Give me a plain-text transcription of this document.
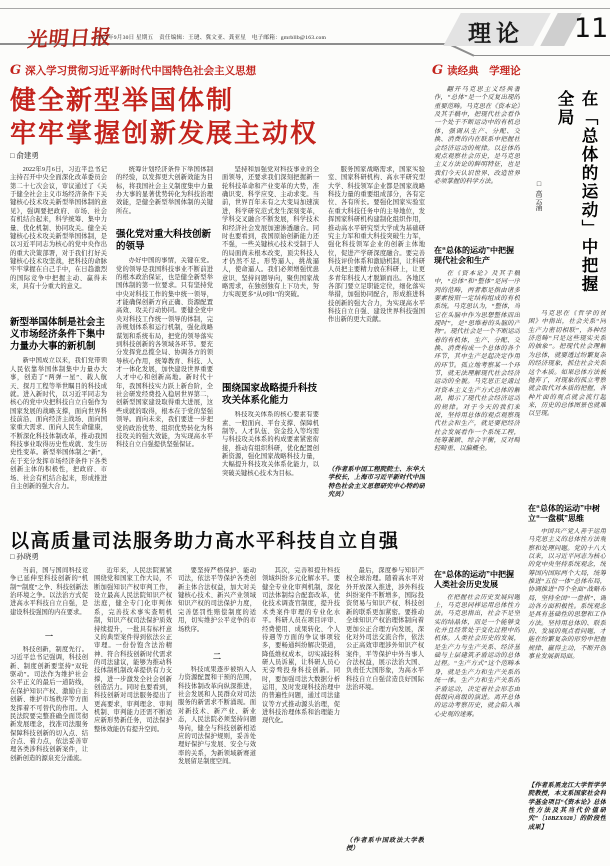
光明日报
2022年9月30日 星期五　责任编辑：王琎、冀文亚、龚亚星　电子邮箱：gmrbllb@163.com	理论 11
G 深入学习贯彻习近平新时代中国特色社会主义思想	G 读经典　学理论
健全新型举国体制
牢牢掌握创新发展主动权
□ 俞建勇

2022年9月6日，习近平总书记主持召开中央全面深化改革委员会第二十七次会议，审议通过了《关于健全社会主义市场经济条件下关键核心技术攻关新型举国体制的意见》，强调要把政府、市场、社会有机结合起来，科学统筹、集中力量、优化机制、协同攻关。健全关键核心技术攻关新型举国体制，是以习近平同志为核心的党中央作出的重大决策部署，对于我们打好关键核心技术攻坚战，把科技的命脉牢牢掌握在自己手中，在日趋激烈的国际竞争中把握主动、赢得未来，具有十分重大的意义。

新型举国体制是社会主义市场经济条件下集中力量办大事的新机制

新中国成立以来，我们党带领人民依靠举国体制集中力量办大事，创造了“两弹一星”、载人航天、探月工程等举世瞩目的科技成就。进入新时代，以习近平同志为核心的党中央把科技自立自强作为国家发展的战略支撑，面向世界科技前沿、面向经济主战场、面向国家重大需求、面向人民生命健康，不断深化科技体制改革，推动我国科技事业取得历史性成就、发生历史性变革。新型举国体制之“新”，在于充分发挥市场经济条件下各类创新主体的积极性，把政府、市场、社会有机结合起来，形成推进自主创新的强大合力。

统筹计划经济条件下举国体制的经验，以发挥更大创新效能为目标，将我国社会主义制度集中力量办大事的显著优势转化为科技治理效能，是健全新型举国体制的关键所在。

强化党对重大科技创新的领导

办好中国的事情，关键在党。党的领导是我国科技事业不断前进的根本政治保证，也是健全新型举国体制的第一位要求。只有坚持党中央对科技工作的集中统一领导，才能确保创新方向正确、资源配置高效、攻关行动协同。要健全党中央对科技工作统一领导的体制，完善规划体系和运行机制，强化战略谋划和系统布局，把党的领导落实到科技创新的各领域各环节。要充分发挥党总揽全局、协调各方的领导核心作用，统筹教育、科技、人才一体化发展，加快建设世界重要人才中心和创新高地。新时代十年，我国科技实力跃上新台阶，全社会研发经费投入稳居世界第二，创新型国家建设取得重大进展，这些成就的取得，根本在于党的坚强领导。面向未来，我们要进一步把党的政治优势、组织优势转化为科技攻关的强大效能，为实现高水平科技自立自强提供坚强保证。

坚持和加强党对科技事业的全面领导，还要求我们深刻把握新一轮科技革命和产业变革的大势，准确识变、科学应变、主动求变。当前，世界百年未有之大变局加速演进，科学研究范式发生深刻变革，学科交叉融合不断发展，科学技术和经济社会发展加速渗透融合。同时也要看到，我国原始创新能力还不强，一些关键核心技术受制于人的局面尚未根本改变，顶尖科技人才仍然不足。形势逼人，挑战逼人，使命逼人。我们必须增强忧患意识，坚持问题导向，聚焦国家战略需求，在独创独有上下功夫，努力实现更多“从0到1”的突破。

围绕国家战略提升科技攻关体系化能力

科技攻关体系的核心要素有要素、一般面向、平台支撑、保障机制等。人才队伍、资金投入等均需与科技攻关体系的构成要素紧密衔接，推动有组织科研，优化配置创新资源，强化国家战略科技力量，大幅提升科技攻关体系化能力，以突破关键核心技术为目标。

服务国家战略需求，国家实验室、国家科研机构、高水平研究型大学、科技领军企业都是国家战略科技力量的重要组成部分，各有定位、各有所长。要强化国家实验室在重大科技任务中的主导地位，发挥国家科研机构建制化组织作用，推动高水平研究型大学成为基础研究主力军和重大科技突破生力军，强化科技领军企业的创新主体地位，促进产学研深度融合。要完善科技评价体系和激励机制，让科研人员把主要精力放在科研上，让更多青年科技人才脱颖而出。各地区各部门要立足职能定位，细化落实举措，加强协同配合，形成推进科技创新的强大合力，为实现高水平科技自立自强、建设世界科技强国作出新的更大贡献。

（作者系中国工程院院士、东华大学校长，上海市习近平新时代中国特色社会主义思想研究中心特约研究员）
以高质量司法服务助力高水平科技自立自强
□ 孙晓勇

当前，国与国间科技竞争已延伸至科技创新的“机制”“制度”之争、科技创新法治环境之争。以法治方式促进高水平科技自立自强，是建设科技强国的内在要求。

一

科技创新，制度先行。习近平总书记强调，科技创新、制度创新要坚持“双轮驱动”。司法作为维护社会公平正义的最后一道防线，在保护知识产权、激励自主创新、维护市场秩序等方面发挥着不可替代的作用。人民法院要完整准确全面贯彻新发展理念，找准司法服务保障科技创新的切入点、结合点、着力点，依法妥善审理各类涉科技创新案件，让创新创造的源泉充分涌流。

近年来，人民法院紧紧围绕党和国家工作大局，不断加强知识产权审判工作，设立最高人民法院知识产权法庭，健全专门化审判体系，完善技术事实查明机制，知识产权司法保护质效持续提升，一批具有标杆意义的典型案件得到依法公正审理。一份份饱含法治精神、符合科技创新时代需求的司法建议，能够为推动科技体制机制改革提供有力支撑，进一步激发全社会创新创造活力。同时也要看到，科技创新对司法服务提出了更高要求，审判理念、审判机制、审判能力还需不断适应新形势新任务，司法保护整体效能仍有提升空间。

要坚持严格保护、能动司法，依法平等保护各类创新主体合法权益，加大对关键核心技术、新兴产业领域知识产权的司法保护力度，完善惩罚性赔偿制度的适用，切实维护公平竞争的市场秩序。

二

科技成果逐步被纳入人力资源配置和干预的范围，科技体制改革向纵深推进，社会发展和人民群众对司法服务的新需求不断涌现。面对新技术、新产业、新业态，人民法院必须坚持问题导向，健全与科技创新相适应的司法保护规则，妥善处理好保护与发展、安全与效率的关系，为新领域新赛道发展留足制度空间。

其次，完善和提升科技领域纠纷多元化解水平。要健全专业化审判机制，深化司法体制综合配套改革，优化技术调查官制度，提升技术类案件审理的专业化水平。科研人员在项目评审、经费使用、成果转化、个人待遇等方面的争议事项较多，要畅通纠纷解决渠道，降低维权成本，切实减轻科研人员诉累，让科研人员心无旁骛投身科技创新。同时，要加强司法大数据分析运用，及时发现科技治理中的普遍性问题，通过司法建议等方式推动源头治理，促进科技治理体系和治理能力现代化。

最后，深度参与知识产权全球治理。随着高水平对外开放深入推进，涉外科技纠纷案件不断增多，国际投资贸易与知识产权、科技创新的联系更加紧密。要推动全球知识产权治理体制向着更加公正合理方向发展，深化对外司法交流合作，依法公正高效审理涉外知识产权案件，平等保护中外当事人合法权益，展示法治大国、负责任大国形象，为高水平科技自立自强营造良好国际法治环境。

（作者系中国政法大学教授）
在「总体的运动」中把握全局
□ 高云涌

翻开马克思主义经典著作，“总体”是一个反复出现的重要范畴。马克思在《资本论》及其手稿中，把现代社会看作一个处于不断运动中的有机总体，强调从生产、分配、交换、消费的内在联系中把握社会经济运动的规律。以总体的观点观察社会历史，是马克思主义方法论的鲜明特征，也是我们今天认识世界、改造世界必须掌握的科学方法。

在“总体的运动”中把握现代社会和生产

在《资本论》及其手稿中，“总体”和“整体”是同一序列的范畴，两者都是指由诸多要素按照一定结构组成的有机系统。马克思认为，“整体，当它在头脑中作为思想整体而出现时”，是“思维着的头脑的产物”。现代社会是一个不断运动着的有机体，生产、分配、交换、消费构成一个总体的各个环节，其中生产是起决定作用的环节。孤立地考察某一个环节，就无法理解现代社会经济运动的全貌。马克思正是通过对资本主义生产方式总体的解剖，揭示了现代社会经济运动的规律。对于今天的我们来说，坚持用总体的观点观察现代社会和生产，就是要把经济社会发展看作一个系统工程，统筹兼顾、综合平衡，反对畸轻畸重、以偏概全。

在“总体的运动”中把握人类社会历史发展

在把握社会历史发展问题上，马克思同样运用总体性方法。马克思指出，社会不是坚实的结晶体，而是一个能够变化并且经常处于变化过程中的机体。人类社会历史的发展，是生产力与生产关系、经济基础与上层建筑矛盾运动的总体过程。“生产方式”这个范畴本身，就是生产力和生产关系的统一体。生产力和生产关系的矛盾运动，决定着社会形态由低级向高级的演进。离开总体的运动考察历史，就会陷入唯心史观的迷雾。

马克思在《哲学的贫困》中指出，社会关系“同生产力密切相联”，各种经济范畴“只是这些现实关系的抽象”。把现代社会理解为总体，就要透过纷繁复杂的经济现象，抓住社会关系这个本质。如果总体方法被抛弃了，对现象的孤立考察就会取代对本质的把握，各种片面的观点就会流行起来，历史的总体图景也就难以呈现。

在“总体的运动”中树立“一盘棋”思维

中国共产党人善于运用马克思主义的总体性方法观察和处理问题。党的十八大以来，以习近平同志为核心的党中央坚持系统观念，统筹国内国际两个大局，统筹推进“五位一体”总体布局，协调推进“四个全面”战略布局，坚持全国“一盘棋”、调动各方面积极性。系统观念是具有基础性的思想和工作方法。坚持用总体的、联系的、发展的观点看问题，才能在纷繁复杂的形势中把握规律、赢得主动，不断开创事业发展新局面。

【作者系黑龙江大学哲学学院教授，本文系国家社会科学基金项目“《资本论》总体性方法及其当代价值研究”〔18BZX028〕的阶段性成果】
